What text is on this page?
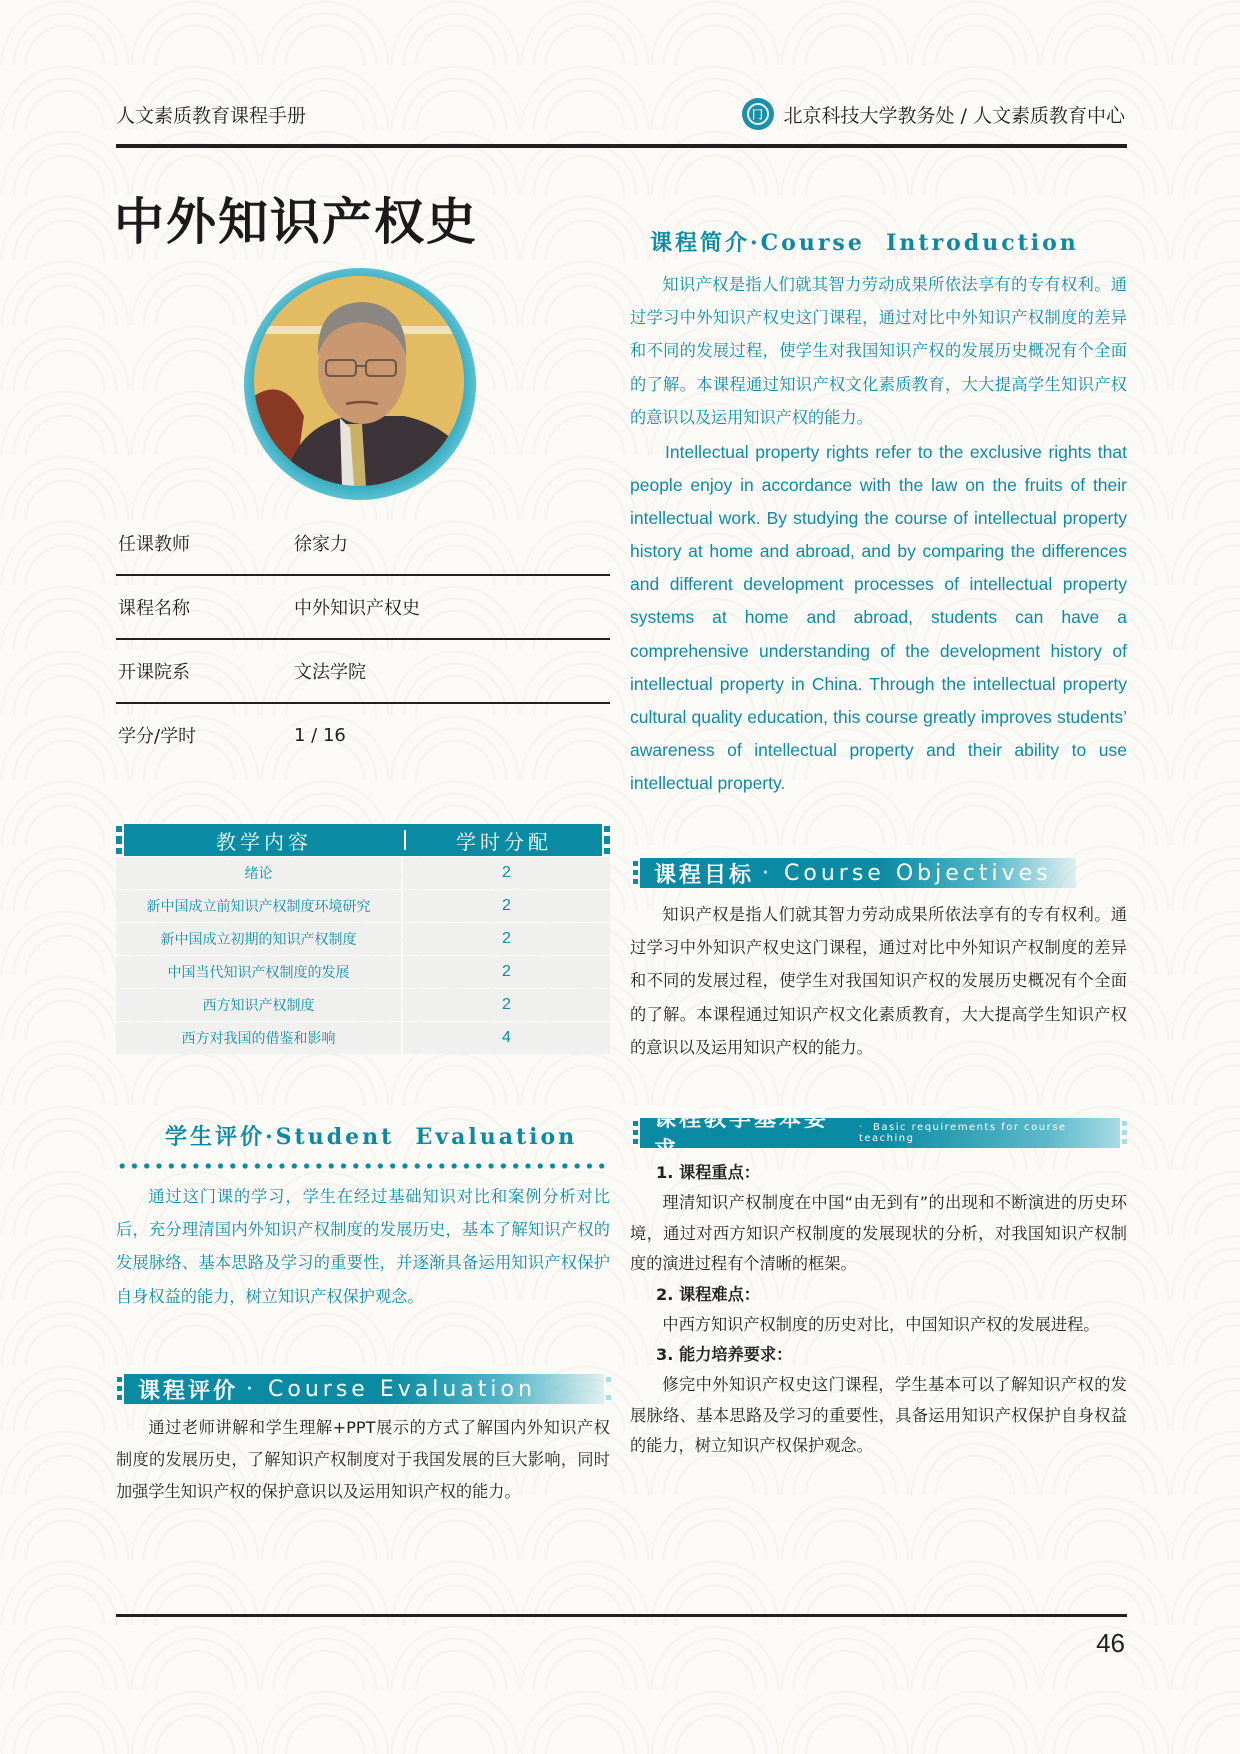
人文素质教育课程手册	冂 北京科技大学教务处 / 人文素质教育中心
中外知识产权史
任课教师	徐家力
课程名称	中外知识产权史
开课院系	文法学院
学分/学时	1 / 16
教学内容	学时分配
绪论	2
新中国成立前知识产权制度环境研究	2
新中国成立初期的知识产权制度	2
中国当代知识产权制度的发展	2
西方知识产权制度	2
西方对我国的借鉴和影响	4
课程简介·Course  Introduction
知识产权是指人们就其智力劳动成果所依法享有的专有权利。通过学习中外知识产权史这门课程，通过对比中外知识产权制度的差异和不同的发展过程，使学生对我国知识产权的发展历史概况有个全面的了解。本课程通过知识产权文化素质教育，大大提高学生知识产权的意识以及运用知识产权的能力。
Intellectual property rights refer to the exclusive rights that people enjoy in accordance with the law on the fruits of their intellectual work. By studying the course of intellectual property history at home and abroad, and by comparing the differences and different development processes of intellectual property systems at home and abroad, students can have a comprehensive understanding of the development history of intellectual property in China. Through the intellectual property cultural quality education, this course greatly improves students’ awareness of intellectual property and their ability to use intellectual property.
课程目标 · Course Objectives
知识产权是指人们就其智力劳动成果所依法享有的专有权利。通过学习中外知识产权史这门课程，通过对比中外知识产权制度的差异和不同的发展过程，使学生对我国知识产权的发展历史概况有个全面的了解。本课程通过知识产权文化素质教育，大大提高学生知识产权的意识以及运用知识产权的能力。
课程教学基本要求
·  Basic requirements for course teaching
1. 课程重点：
理清知识产权制度在中国“由无到有”的出现和不断演进的历史环境，通过对西方知识产权制度的发展现状的分析，对我国知识产权制度的演进过程有个清晰的框架。
2. 课程难点：
中西方知识产权制度的历史对比，中国知识产权的发展进程。
3. 能力培养要求：
修完中外知识产权史这门课程，学生基本可以了解知识产权的发展脉络、基本思路及学习的重要性，具备运用知识产权保护自身权益的能力，树立知识产权保护观念。
学生评价·Student  Evaluation
通过这门课的学习，学生在经过基础知识对比和案例分析对比后，充分理清国内外知识产权制度的发展历史，基本了解知识产权的发展脉络、基本思路及学习的重要性，并逐渐具备运用知识产权保护自身权益的能力，树立知识产权保护观念。
课程评价 · Course Evaluation
通过老师讲解和学生理解+PPT展示的方式了解国内外知识产权制度的发展历史，了解知识产权制度对于我国发展的巨大影响，同时加强学生知识产权的保护意识以及运用知识产权的能力。
46
